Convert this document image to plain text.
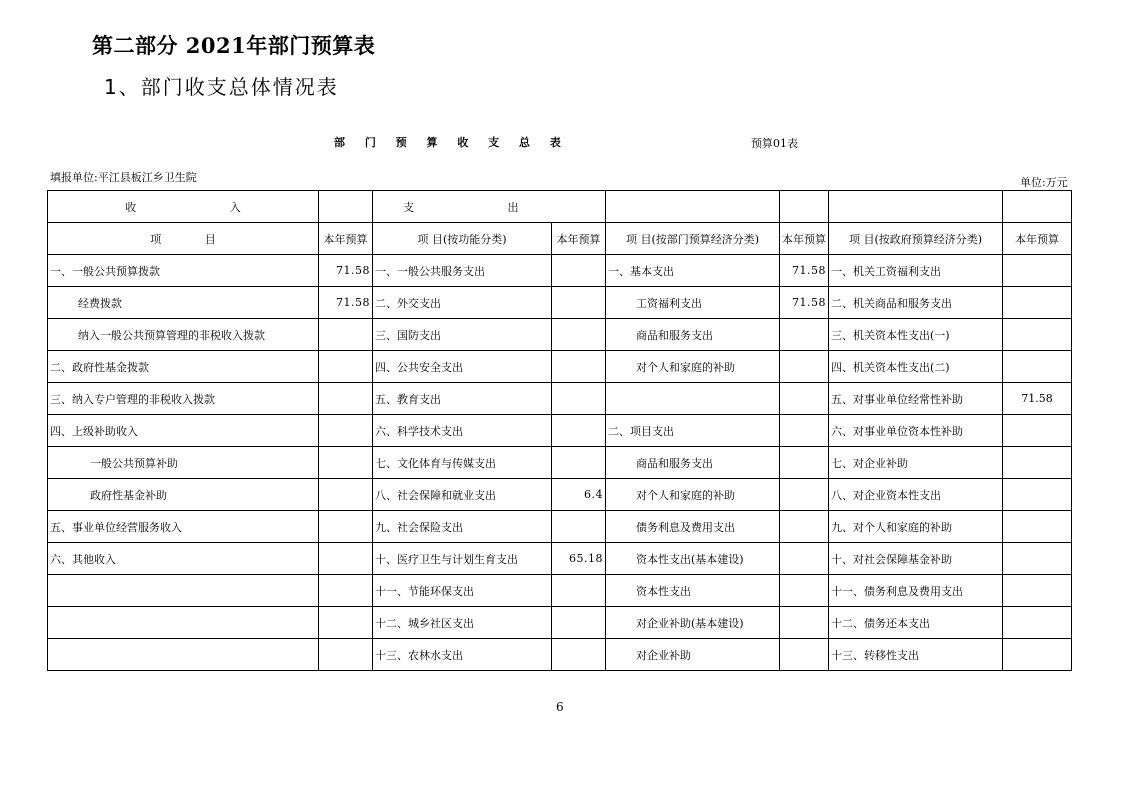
第二部分 2021年部门预算表
1、部门收支总体情况表
部 门 预 算 收 支 总 表	预算01表
填报单位:平江县板江乡卫生院	单位:万元
收 入		支 出					
项 目	本年预算	项 目(按功能分类)	本年预算	项 目(按部门预算经济分类)	本年预算	项 目(按政府预算经济分类)	本年预算
一、一般公共预算拨款	71.58	一、一般公共服务支出		一、基本支出	71.58	一、机关工资福利支出	
经费拨款	71.58	二、外交支出		工资福利支出	71.58	二、机关商品和服务支出	
纳入一般公共预算管理的非税收入拨款		三、国防支出		商品和服务支出		三、机关资本性支出(一)	
二、政府性基金拨款		四、公共安全支出		对个人和家庭的补助		四、机关资本性支出(二)	
三、纳入专户管理的非税收入拨款		五、教育支出				五、对事业单位经常性补助	71.58
四、上级补助收入		六、科学技术支出		二、项目支出		六、对事业单位资本性补助	
一般公共预算补助		七、文化体育与传媒支出		商品和服务支出		七、对企业补助	
政府性基金补助		八、社会保障和就业支出	6.4	对个人和家庭的补助		八、对企业资本性支出	
五、事业单位经营服务收入		九、社会保险支出		债务利息及费用支出		九、对个人和家庭的补助	
六、其他收入		十、医疗卫生与计划生育支出	65.18	资本性支出(基本建设)		十、对社会保障基金补助	
		十一、节能环保支出		资本性支出		十一、债务利息及费用支出	
		十二、城乡社区支出		对企业补助(基本建设)		十二、债务还本支出	
		十三、农林水支出		对企业补助		十三、转移性支出	
6
